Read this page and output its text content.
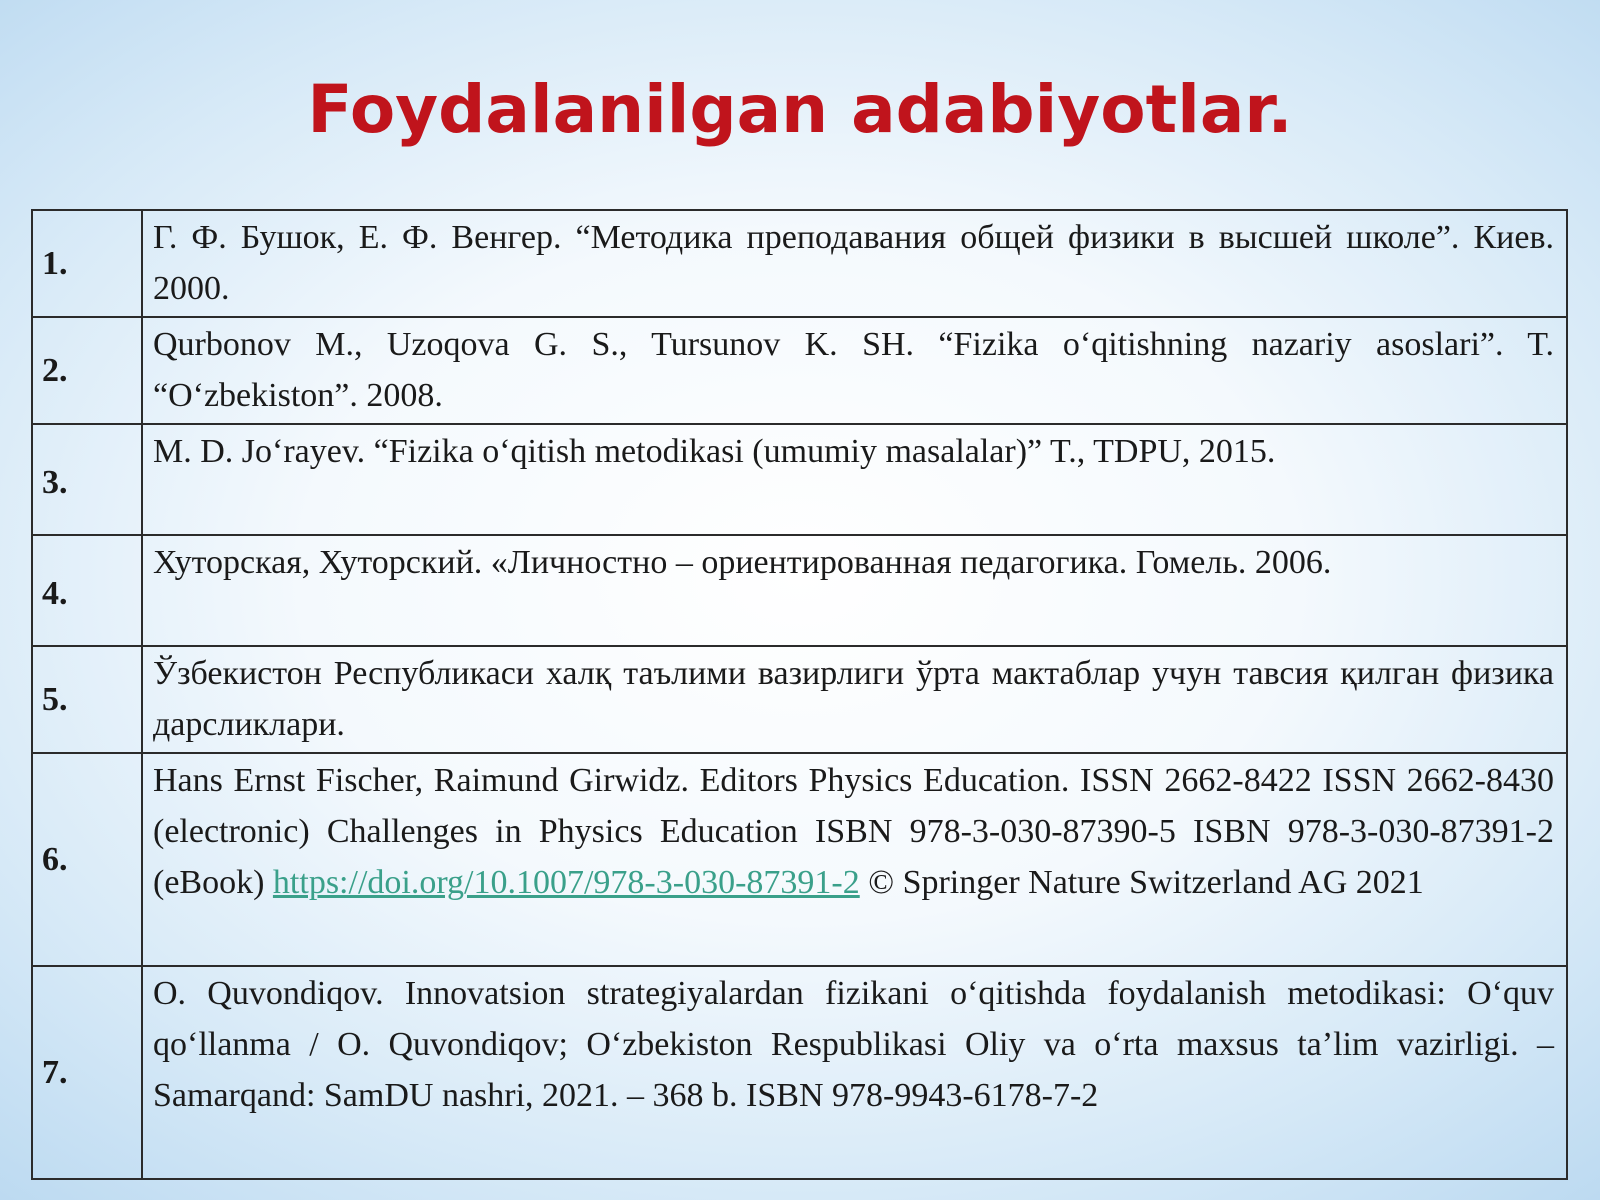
Foydalanilgan adabiyotlar.
1.	Г. Ф. Бушок, Е. Ф. Венгер. “Методика преподавания общей физики в высшей школе”. Киев. 2000.
2.	Qurbonov M., Uzoqova G. S., Tursunov K. SH. “Fizika o‘qitishning nazariy asoslari”. T. “O‘zbekiston”. 2008.
3.	M. D. Jo‘rayev. “Fizika o‘qitish metodikasi (umumiy masalalar)” T., TDPU, 2015.
4.	Хуторская, Хуторский. «Личностно – ориентированная педагогика. Гомель. 2006.
5.	Ўзбекистон Республикаси халқ таълими вазирлиги ўрта мактаблар учун тавсия қилган физика дарсликлари.
6.	Hans Ernst Fischer, Raimund Girwidz. Editors Physics Education. ISSN 2662-8422 ISSN 2662-8430 (electronic) Challenges in Physics Education ISBN 978-3-030-87390-5 ISBN 978-3-030-87391-2 (eBook) https://doi.org/10.1007/978-3-030-87391-2 © Springer Nature Switzerland AG 2021
7.	O. Quvondiqov. Innovatsion strategiyalardan fizikani o‘qitishda foydalanish metodikasi: O‘quv qo‘llanma / O. Quvondiqov; O‘zbekiston Respublikasi Oliy va o‘rta maxsus ta’lim vazirligi. – Samarqand: SamDU nashri, 2021. – 368 b. ISBN 978-9943-6178-7-2
